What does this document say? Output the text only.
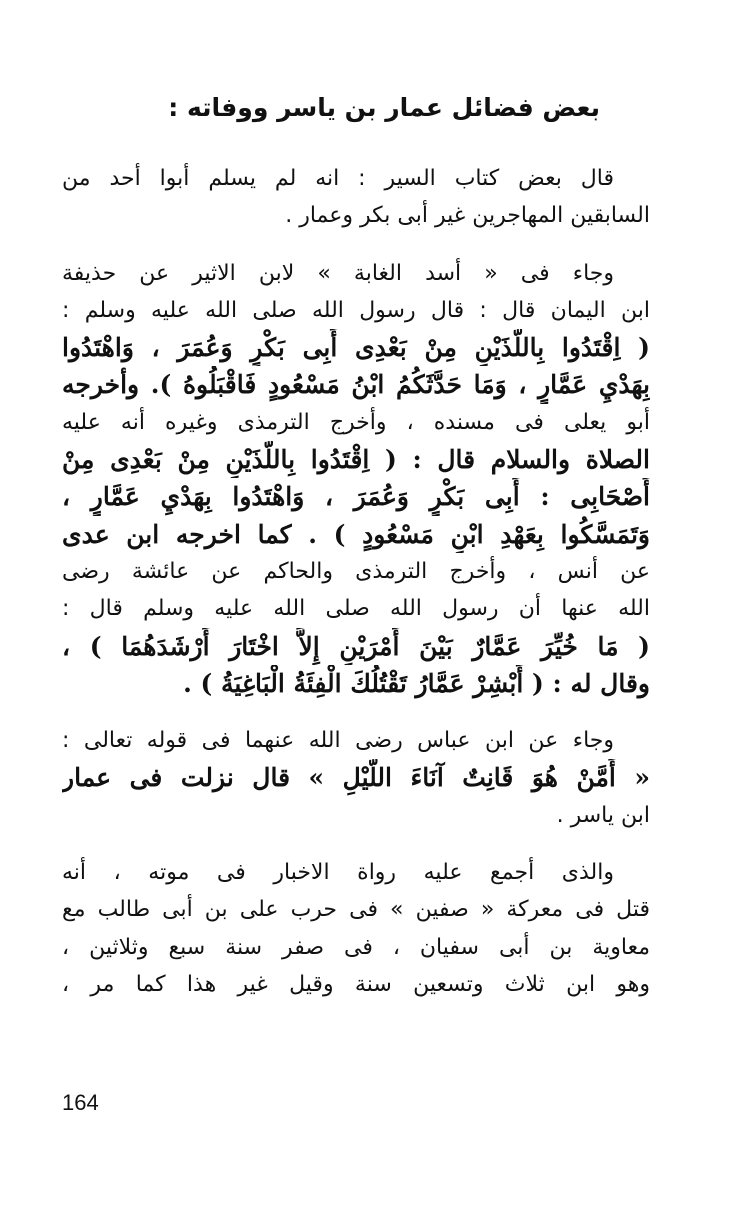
بعض فضائل عمار بن ياسر ووفاته :
قال بعض كتاب السير : انه لم يسلم أبوا أحد من
السابقين المهاجرين غير أبى بكر وعمار .
وجاء فى « أسد الغابة » لابن الاثير عن حذيفة
ابن اليمان قال : قال رسول الله صلى الله عليه وسلم :
( اِقْتَدُوا بِاللَّذَيْنِ مِنْ بَعْدِى أَبِى بَكْرٍ وَعُمَرَ ، وَاهْتَدُوا
بِهَدْيِ عَمَّارٍ ، وَمَا حَدَّثَكُمُ ابْنُ مَسْعُودٍ فَاقْبَلُوهُ ). وأخرجه
أبو يعلى فى مسنده ، وأخرج الترمذى وغيره أنه عليه
الصلاة والسلام قال : ( اِقْتَدُوا بِاللَّذَيْنِ مِنْ بَعْدِى مِنْ
أَصْحَابِى : أَبِى بَكْرٍ وَعُمَرَ ، وَاهْتَدُوا بِهَدْيِ عَمَّارٍ ،
وَتَمَسَّكُوا بِعَهْدِ ابْنِ مَسْعُودٍ ) . كما اخرجه ابن عدى
عن أنس ، وأخرج الترمذى والحاكم عن عائشة رضى
الله عنها أن رسول الله صلى الله عليه وسلم قال :
( مَا خُيِّرَ عَمَّارٌ بَيْنَ أَمْرَيْنِ إِلاَّ اخْتَارَ أَرْشَدَهُمَا ) ،
وقال له : ( أَبْشِرْ عَمَّارُ تَقْتُلُكَ الْفِئَةُ الْبَاغِيَةُ ) .
وجاء عن ابن عباس رضى الله عنهما فى قوله تعالى :
« أَمَّنْ هُوَ قَانِتٌ آنَاءَ اللَّيْلِ » قال نزلت فى عمار
ابن ياسر .
والذى أجمع عليه رواة الاخبار فى موته ، أنه
قتل فى معركة « صفين » فى حرب على بن أبى طالب مع
معاوية بن أبى سفيان ، فى صفر سنة سبع وثلاثين ،
وهو ابن ثلاث وتسعين سنة وقيل غير هذا كما مر ،
164
